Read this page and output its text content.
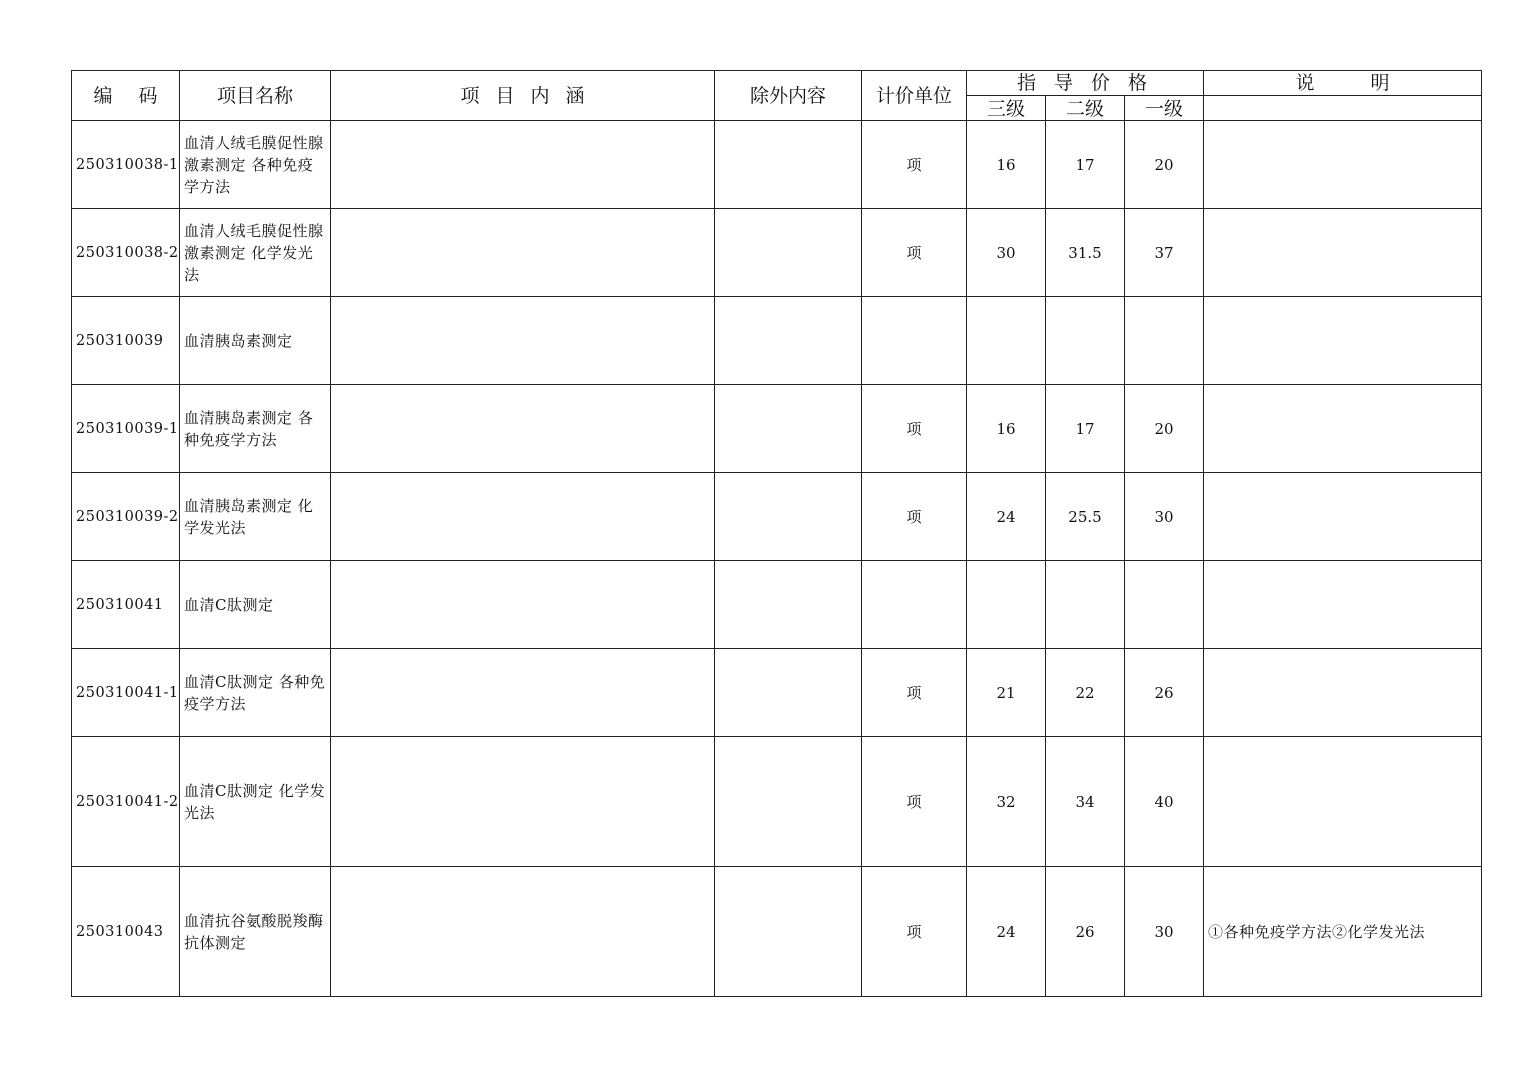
编 码	项目名称	项 目 内 涵	除外内容	计价单位	指 导 价 格			说 明
					三级	二级	一级	
250310038-1	血清人绒毛膜促性腺激素测定 各种免疫学方法			项	16	17	20	
250310038-2	血清人绒毛膜促性腺激素测定 化学发光法			项	30	31.5	37	
250310039	血清胰岛素测定							
250310039-1	血清胰岛素测定 各种免疫学方法			项	16	17	20	
250310039-2	血清胰岛素测定 化学发光法			项	24	25.5	30	
250310041	血清C肽测定							
250310041-1	血清C肽测定 各种免疫学方法			项	21	22	26	
250310041-2	血清C肽测定 化学发光法			项	32	34	40	
250310043	血清抗谷氨酸脱羧酶抗体测定			项	24	26	30	①各种免疫学方法②化学发光法
